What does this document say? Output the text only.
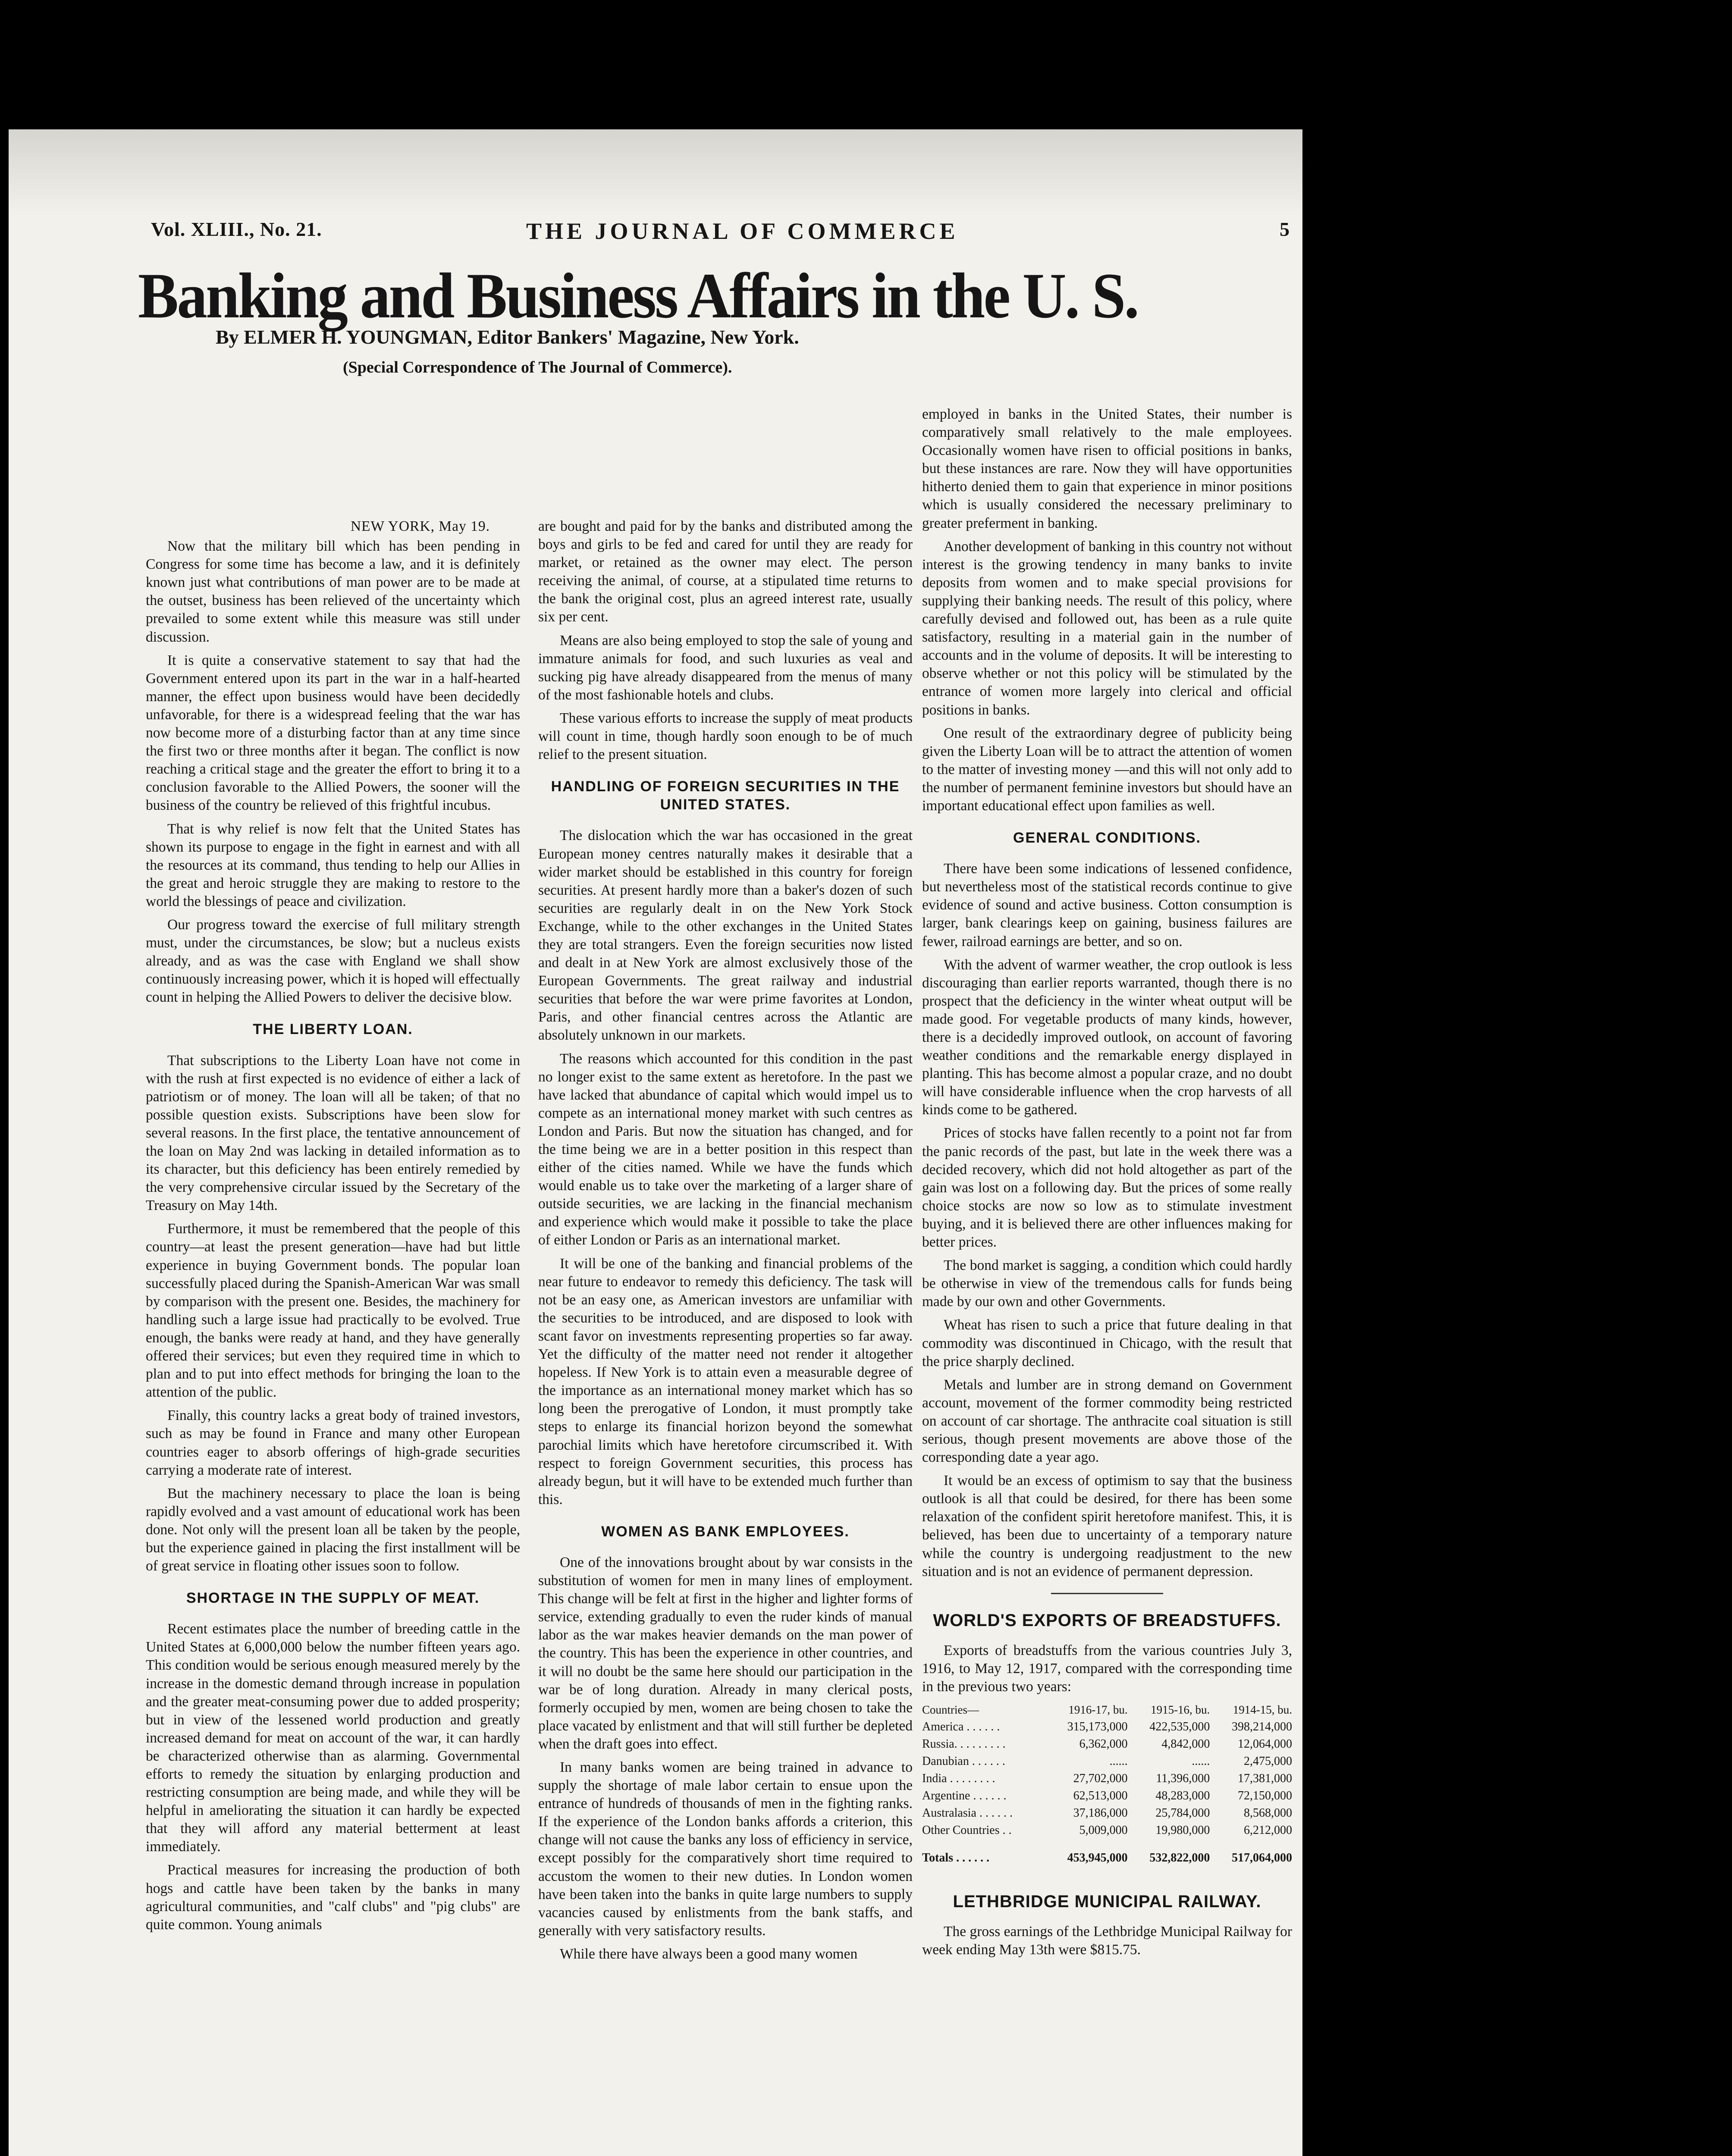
Vol. XLIII., No. 21.	THE JOURNAL OF COMMERCE	5
Banking and Business Affairs in the U. S.
By ELMER H. YOUNGMAN, Editor Bankers' Magazine, New York.
(Special Correspondence of The Journal of Commerce).
NEW YORK, May 19.

Now that the military bill which has been pending in Congress for some time has become a law, and it is definitely known just what contributions of man power are to be made at the outset, business has been relieved of the uncertainty which prevailed to some extent while this measure was still under discussion.

It is quite a conservative statement to say that had the Government entered upon its part in the war in a half-hearted manner, the effect upon business would have been decidedly unfavorable, for there is a widespread feeling that the war has now become more of a disturbing factor than at any time since the first two or three months after it began. The conflict is now reaching a critical stage and the greater the effort to bring it to a conclusion favorable to the Allied Powers, the sooner will the business of the country be relieved of this frightful incubus.

That is why relief is now felt that the United States has shown its purpose to engage in the fight in earnest and with all the resources at its command, thus tending to help our Allies in the great and heroic struggle they are making to restore to the world the blessings of peace and civilization.

Our progress toward the exercise of full military strength must, under the circumstances, be slow; but a nucleus exists already, and as was the case with England we shall show continuously increasing power, which it is hoped will effectually count in helping the Allied Powers to deliver the decisive blow.

THE LIBERTY LOAN.

That subscriptions to the Liberty Loan have not come in with the rush at first expected is no evidence of either a lack of patriotism or of money. The loan will all be taken; of that no possible question exists. Subscriptions have been slow for several reasons. In the first place, the tentative announcement of the loan on May 2nd was lacking in detailed information as to its character, but this deficiency has been entirely remedied by the very comprehensive circular issued by the Secretary of the Treasury on May 14th.

Furthermore, it must be remembered that the people of this country—at least the present generation—have had but little experience in buying Government bonds. The popular loan successfully placed during the Spanish-American War was small by comparison with the present one. Besides, the machinery for handling such a large issue had practically to be evolved. True enough, the banks were ready at hand, and they have generally offered their services; but even they required time in which to plan and to put into effect methods for bringing the loan to the attention of the public.

Finally, this country lacks a great body of trained investors, such as may be found in France and many other European countries eager to absorb offerings of high-grade securities carrying a moderate rate of interest.

But the machinery necessary to place the loan is being rapidly evolved and a vast amount of educational work has been done. Not only will the present loan all be taken by the people, but the experience gained in placing the first installment will be of great service in floating other issues soon to follow.

SHORTAGE IN THE SUPPLY OF MEAT.

Recent estimates place the number of breeding cattle in the United States at 6,000,000 below the number fifteen years ago. This condition would be serious enough measured merely by the increase in the domestic demand through increase in population and the greater meat-consuming power due to added prosperity; but in view of the lessened world production and greatly increased demand for meat on account of the war, it can hardly be characterized otherwise than as alarming. Governmental efforts to remedy the situation by enlarging production and restricting consumption are being made, and while they will be helpful in ameliorating the situation it can hardly be expected that they will afford any material betterment at least immediately.

Practical measures for increasing the production of both hogs and cattle have been taken by the banks in many agricultural communities, and "calf clubs" and "pig clubs" are quite common. Young animals

are bought and paid for by the banks and distributed among the boys and girls to be fed and cared for until they are ready for market, or retained as the owner may elect. The person receiving the animal, of course, at a stipulated time returns to the bank the original cost, plus an agreed interest rate, usually six per cent.

Means are also being employed to stop the sale of young and immature animals for food, and such luxuries as veal and sucking pig have already disappeared from the menus of many of the most fashionable hotels and clubs.

These various efforts to increase the supply of meat products will count in time, though hardly soon enough to be of much relief to the present situation.

HANDLING OF FOREIGN SECURITIES IN THE UNITED STATES.

The dislocation which the war has occasioned in the great European money centres naturally makes it desirable that a wider market should be established in this country for foreign securities. At present hardly more than a baker's dozen of such securities are regularly dealt in on the New York Stock Exchange, while to the other exchanges in the United States they are total strangers. Even the foreign securities now listed and dealt in at New York are almost exclusively those of the European Governments. The great railway and industrial securities that before the war were prime favorites at London, Paris, and other financial centres across the Atlantic are absolutely unknown in our markets.

The reasons which accounted for this condition in the past no longer exist to the same extent as heretofore. In the past we have lacked that abundance of capital which would impel us to compete as an international money market with such centres as London and Paris. But now the situation has changed, and for the time being we are in a better position in this respect than either of the cities named. While we have the funds which would enable us to take over the marketing of a larger share of outside securities, we are lacking in the financial mechanism and experience which would make it possible to take the place of either London or Paris as an international market.

It will be one of the banking and financial problems of the near future to endeavor to remedy this deficiency. The task will not be an easy one, as American investors are unfamiliar with the securities to be introduced, and are disposed to look with scant favor on investments representing properties so far away. Yet the difficulty of the matter need not render it altogether hopeless. If New York is to attain even a measurable degree of the importance as an international money market which has so long been the prerogative of London, it must promptly take steps to enlarge its financial horizon beyond the somewhat parochial limits which have heretofore circumscribed it. With respect to foreign Government securities, this process has already begun, but it will have to be extended much further than this.

WOMEN AS BANK EMPLOYEES.

One of the innovations brought about by war consists in the substitution of women for men in many lines of employment. This change will be felt at first in the higher and lighter forms of service, extending gradually to even the ruder kinds of manual labor as the war makes heavier demands on the man power of the country. This has been the experience in other countries, and it will no doubt be the same here should our participation in the war be of long duration. Already in many clerical posts, formerly occupied by men, women are being chosen to take the place vacated by enlistment and that will still further be depleted when the draft goes into effect.

In many banks women are being trained in advance to supply the shortage of male labor certain to ensue upon the entrance of hundreds of thousands of men in the fighting ranks. If the experience of the London banks affords a criterion, this change will not cause the banks any loss of efficiency in service, except possibly for the comparatively short time required to accustom the women to their new duties. In London women have been taken into the banks in quite large numbers to supply vacancies caused by enlistments from the bank staffs, and generally with very satisfactory results.

While there have always been a good many women

employed in banks in the United States, their number is comparatively small relatively to the male employees. Occasionally women have risen to official positions in banks, but these instances are rare. Now they will have opportunities hitherto denied them to gain that experience in minor positions which is usually considered the necessary preliminary to greater preferment in banking.

Another development of banking in this country not without interest is the growing tendency in many banks to invite deposits from women and to make special provisions for supplying their banking needs. The result of this policy, where carefully devised and followed out, has been as a rule quite satisfactory, resulting in a material gain in the number of accounts and in the volume of deposits. It will be interesting to observe whether or not this policy will be stimulated by the entrance of women more largely into clerical and official positions in banks.

One result of the extraordinary degree of publicity being given the Liberty Loan will be to attract the attention of women to the matter of investing money —and this will not only add to the number of permanent feminine investors but should have an important educational effect upon families as well.

GENERAL CONDITIONS.

There have been some indications of lessened confidence, but nevertheless most of the statistical records continue to give evidence of sound and active business. Cotton consumption is larger, bank clearings keep on gaining, business failures are fewer, railroad earnings are better, and so on.

With the advent of warmer weather, the crop outlook is less discouraging than earlier reports warranted, though there is no prospect that the deficiency in the winter wheat output will be made good. For vegetable products of many kinds, however, there is a decidedly improved outlook, on account of favoring weather conditions and the remarkable energy displayed in planting. This has become almost a popular craze, and no doubt will have considerable influence when the crop harvests of all kinds come to be gathered.

Prices of stocks have fallen recently to a point not far from the panic records of the past, but late in the week there was a decided recovery, which did not hold altogether as part of the gain was lost on a following day. But the prices of some really choice stocks are now so low as to stimulate investment buying, and it is believed there are other influences making for better prices.

The bond market is sagging, a condition which could hardly be otherwise in view of the tremendous calls for funds being made by our own and other Governments.

Wheat has risen to such a price that future dealing in that commodity was discontinued in Chicago, with the result that the price sharply declined.

Metals and lumber are in strong demand on Government account, movement of the former commodity being restricted on account of car shortage. The anthracite coal situation is still serious, though present movements are above those of the corresponding date a year ago.

It would be an excess of optimism to say that the business outlook is all that could be desired, for there has been some relaxation of the confident spirit heretofore manifest. This, it is believed, has been due to uncertainty of a temporary nature while the country is undergoing readjustment to the new situation and is not an evidence of permanent depression.

WORLD'S EXPORTS OF BREADSTUFFS.

Exports of breadstuffs from the various countries July 3, 1916, to May 12, 1917, compared with the corresponding time in the previous two years:

Countries—	1916-17, bu.	1915-16, bu.	1914-15, bu.
America . . . . . .	315,173,000	422,535,000	398,214,000
Russia. . . . . . . . .	6,362,000	4,842,000	12,064,000
Danubian . . . . . .	......	......	2,475,000
India . . . . . . . .	27,702,000	11,396,000	17,381,000
Argentine . . . . . .	62,513,000	48,283,000	72,150,000
Australasia . . . . . .	37,186,000	25,784,000	8,568,000
Other Countries . .	5,009,000	19,980,000	6,212,000
Totals . . . . . .	453,945,000	532,822,000	517,064,000
LETHBRIDGE MUNICIPAL RAILWAY.

The gross earnings of the Lethbridge Municipal Railway for week ending May 13th were $815.75.
